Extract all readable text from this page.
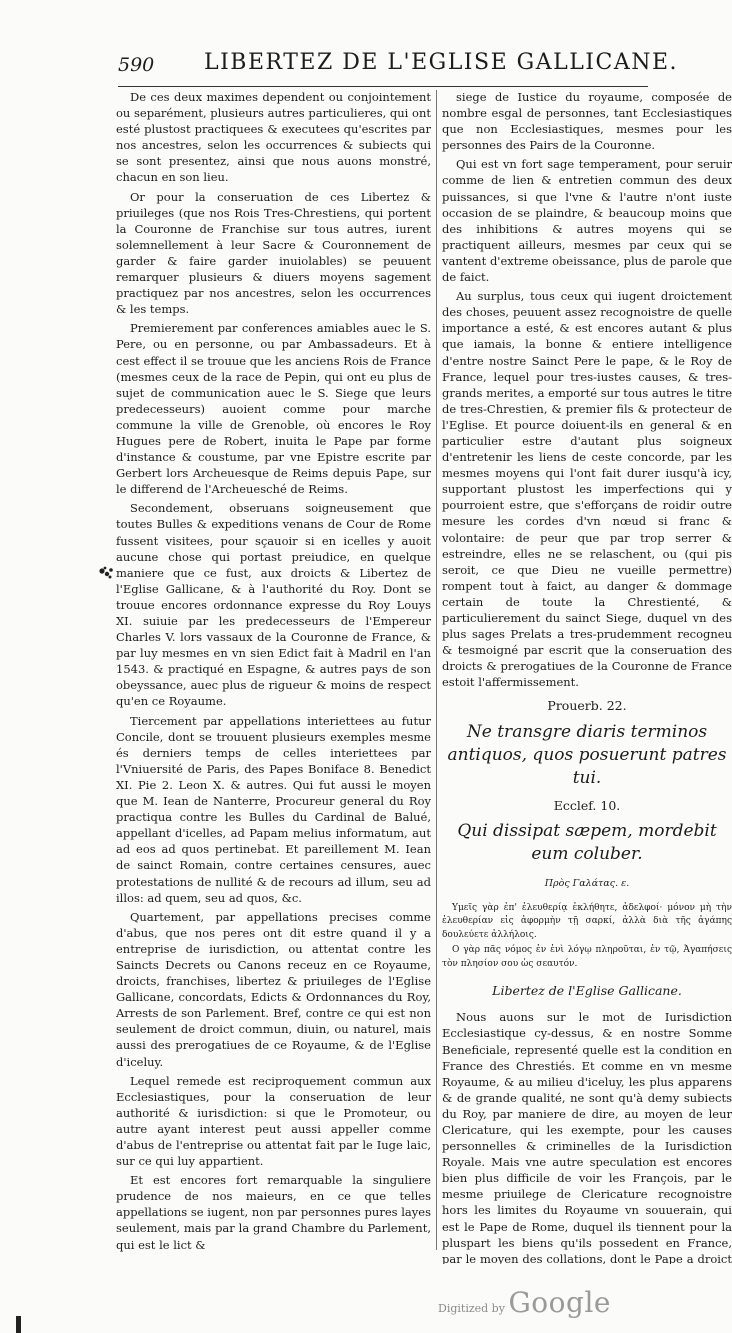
590 LIBERTEZ DE L'EGLISE GALLICANE.

De ces deux maximes dependent ou conjointement ou separément, plusieurs autres particulieres, qui ont esté plustost practiquees & executees qu'escrites par nos ancestres, selon les occurrences & subiects qui se sont presentez, ainsi que nous auons monstré, chacun en son lieu.

Or pour la conseruation de ces Libertez & priuileges (que nos Rois Tres-Chrestiens, qui portent la Couronne de Franchise sur tous autres, iurent solemnellement à leur Sacre & Couronnement de garder & faire garder inuiolables) se peuuent remarquer plusieurs & diuers moyens sagement practiquez par nos ancestres, selon les occurrences & les temps.

Premierement par conferences amiables auec le S. Pere, ou en personne, ou par Ambassadeurs. Et à cest effect il se trouue que les anciens Rois de France (mesmes ceux de la race de Pepin, qui ont eu plus de sujet de communication auec le S. Siege que leurs predecesseurs) auoient comme pour marche commune la ville de Grenoble, où encores le Roy Hugues pere de Robert, inuita le Pape par forme d'instance & coustume, par vne Epistre escrite par Gerbert lors Archeuesque de Reims depuis Pape, sur le differend de l'Archeuesché de Reims.

Secondement, obseruans soigneusement que toutes Bulles & expeditions venans de Cour de Rome fussent visitees, pour sçauoir si en icelles y auoit aucune chose qui portast preiudice, en quelque maniere que ce fust, aux droicts & Libertez de l'Eglise Gallicane, & à l'authorité du Roy. Dont se trouue encores ordonnance expresse du Roy Louys XI. suiuie par les predecesseurs de l'Empereur Charles V. lors vassaux de la Couronne de France, & par luy mesmes en vn sien Edict fait à Madril en l'an 1543. & practiqué en Espagne, & autres pays de son obeyssance, auec plus de rigueur & moins de respect qu'en ce Royaume.

Tiercement par appellations interiettees au futur Concile, dont se trouuent plusieurs exemples mesme és derniers temps de celles interiettees par l'Vniuersité de Paris, des Papes Boniface 8. Benedict XI. Pie 2. Leon X. & autres. Qui fut aussi le moyen que M. Iean de Nanterre, Procureur general du Roy practiqua contre les Bulles du Cardinal de Balué, appellant d'icelles, ad Papam melius informatum, aut ad eos ad quos pertinebat. Et pareillement M. Iean de sainct Romain, contre certaines censures, auec protestations de nullité & de recours ad illum, seu ad illos: ad quem, seu ad quos, &c.

Quartement, par appellations precises comme d'abus, que nos peres ont dit estre quand il y a entreprise de iurisdiction, ou attentat contre les Saincts Decrets ou Canons receuz en ce Royaume, droicts, franchises, libertez & priuileges de l'Eglise Gallicane, concordats, Edicts & Ordonnances du Roy, Arrests de son Parlement. Bref, contre ce qui est non seulement de droict commun, diuin, ou naturel, mais aussi des prerogatiues de ce Royaume, & de l'Eglise d'iceluy.

Lequel remede est reciproquement commun aux Ecclesiastiques, pour la conseruation de leur authorité & iurisdiction: si que le Promoteur, ou autre ayant interest peut aussi appeller comme d'abus de l'entreprise ou attentat fait par le Iuge laic, sur ce qui luy appartient.

Et est encores fort remarquable la singuliere prudence de nos maieurs, en ce que telles appellations se iugent, non par personnes pures layes seulement, mais par la grand Chambre du Parlement, qui est le lict &

siege de Iustice du royaume, composée de nombre esgal de personnes, tant Ecclesiastiques que non Ecclesiastiques, mesmes pour les personnes des Pairs de la Couronne.

Qui est vn fort sage temperament, pour seruir comme de lien & entretien commun des deux puissances, si que l'vne & l'autre n'ont iuste occasion de se plaindre, & beaucoup moins que des inhibitions & autres moyens qui se practiquent ailleurs, mesmes par ceux qui se vantent d'extreme obeissance, plus de parole que de faict.

Au surplus, tous ceux qui iugent droictement des choses, peuuent assez recognoistre de quelle importance a esté, & est encores autant & plus que iamais, la bonne & entiere intelligence d'entre nostre Sainct Pere le pape, & le Roy de France, lequel pour tres-iustes causes, & tres-grands merites, a emporté sur tous autres le titre de tres-Chrestien, & premier fils & protecteur de l'Eglise. Et pource doiuent-ils en general & en particulier estre d'autant plus soigneux d'entretenir les liens de ceste concorde, par les mesmes moyens qui l'ont fait durer iusqu'à icy, supportant plustost les imperfections qui y pourroient estre, que s'efforçans de roidir outre mesure les cordes d'vn nœud si franc & volontaire: de peur que par trop serrer & estreindre, elles ne se relaschent, ou (qui pis seroit, ce que Dieu ne vueille permettre) rompent tout à faict, au danger & dommage certain de toute la Chrestienté, & particulierement du sainct Siege, duquel vn des plus sages Prelats a tres-prudemment recogneu & tesmoigné par escrit que la conseruation des droicts & prerogatiues de la Couronne de France estoit l'affermissement.

Prouerb. 22.

Ne transgre diaris terminos antiquos, quos posuerunt patres tui.

Ecclef. 10.

Qui dissipat sæpem, mordebit eum coluber.

Πρὸς Γαλάτας. ε.

Υμεῖς γὰρ ἐπ' ἐλευθερίᾳ ἐκλήθητε, ἀδελφοί· μόνον μὴ τὴν ἐλευθερίαν εἰς ἀφορμὴν τῇ σαρκί, ἀλλὰ διὰ τῆς ἀγάπης δουλεύετε ἀλλήλοις.

Ο γὰρ πᾶς νόμος ἐν ἑνὶ λόγῳ πληροῦται, ἐν τῷ, Ἀγαπήσεις τὸν πλησίον σου ὡς σεαυτόν.

Libertez de l'Eglise Gallicane.

Nous auons sur le mot de Iurisdiction Ecclesiastique cy-dessus, & en nostre Somme Beneficiale, representé quelle est la condition en France des Chrestiés. Et comme en vn mesme Royaume, & au milieu d'iceluy, les plus apparens & de grande qualité, ne sont qu'à demy subiects du Roy, par maniere de dire, au moyen de leur Clericature, qui les exempte, pour les causes personnelles & criminelles de la Iurisdiction Royale. Mais vne autre speculation est encores bien plus difficile de voir les François, par le mesme priuilege de Clericature recognoistre hors les limites du Royaume vn souuerain, qui est le Pape de Rome, duquel ils tiennent pour la pluspart les biens qu'ils possedent en France, par le moyen des collations, dont le Pape a droict

Digitized by Google
